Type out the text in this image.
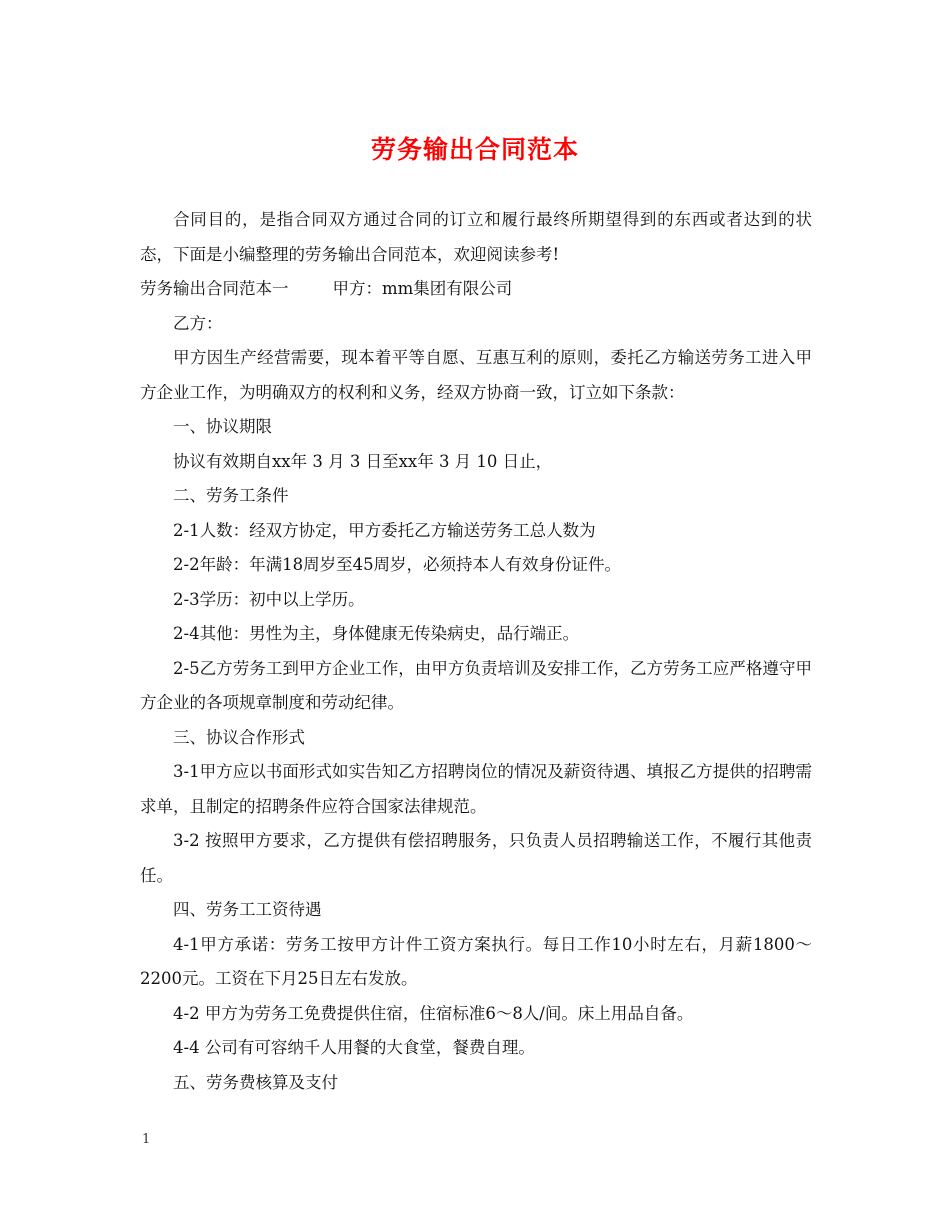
劳务输出合同范本

合同目的，是指合同双方通过合同的订立和履行最终所期望得到的东西或者达到的状态，下面是小编整理的劳务输出合同范本，欢迎阅读参考!

劳务输出合同范本一	甲方：mm集团有限公司

乙方：

甲方因生产经营需要，现本着平等自愿、互惠互利的原则，委托乙方输送劳务工进入甲方企业工作，为明确双方的权利和义务，经双方协商一致，订立如下条款：

一、协议期限

协议有效期自xx年 3 月 3 日至xx年 3 月 10 日止，

二、劳务工条件

2-1人数：经双方协定，甲方委托乙方输送劳务工总人数为

2-2年龄：年满18周岁至45周岁，必须持本人有效身份证件。

2-3学历：初中以上学历。

2-4其他：男性为主，身体健康无传染病史，品行端正。

2-5乙方劳务工到甲方企业工作，由甲方负责培训及安排工作，乙方劳务工应严格遵守甲方企业的各项规章制度和劳动纪律。

三、协议合作形式

3-1甲方应以书面形式如实告知乙方招聘岗位的情况及薪资待遇、填报乙方提供的招聘需求单，且制定的招聘条件应符合国家法律规范。

3-2 按照甲方要求，乙方提供有偿招聘服务，只负责人员招聘输送工作，不履行其他责任。

四、劳务工工资待遇

4-1甲方承诺：劳务工按甲方计件工资方案执行。每日工作10小时左右，月薪1800～2200元。工资在下月25日左右发放。

4-2 甲方为劳务工免费提供住宿，住宿标准6～8人/间。床上用品自备。

4-4 公司有可容纳千人用餐的大食堂，餐费自理。

五、劳务费核算及支付

1
